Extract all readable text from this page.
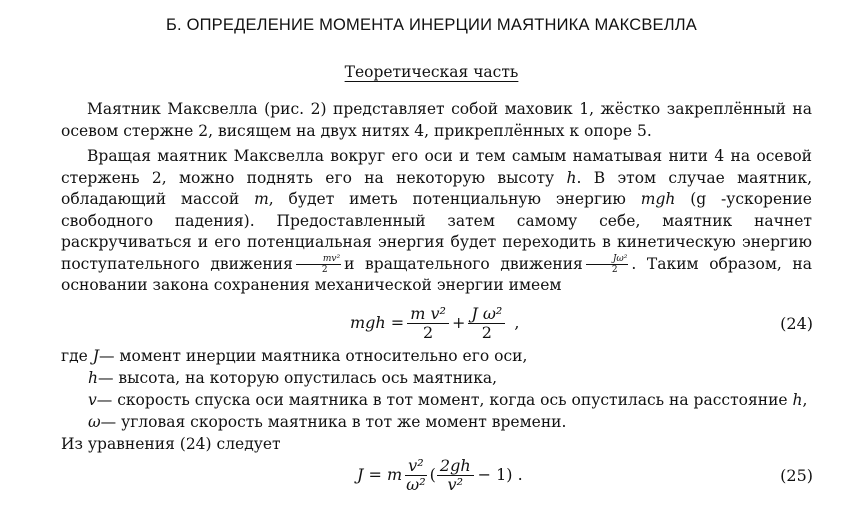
Б. ОПРЕДЕЛЕНИЕ МОМЕНТА ИНЕРЦИИ МАЯТНИКА МАКСВЕЛЛА
Теоретическая часть

Маятник Максвелла (рис. 2) представляет собой маховик 1, жёстко закреплённый на осевом стержне 2, висящем на двух нитях 4, прикреплённых к опоре 5.

Вращая маятник Максвелла вокруг его оси и тем самым наматывая нити 4 на осевой стержень 2, можно поднять его на некоторую высоту h. В этом случае маятник, обладающий массой m, будет иметь потенциальную энергию mgh (g -ускорение свободного падения). Предоставленный затем самому себе, маятник начнет раскручиваться и его потенциальная энергия будет переходить в кинетическую энергию поступательного движения $\frac{\text{mv²}}{2}$ и вращательного движения $\frac{\text{Jω²}}{2}$ . Таким образом, на основании закона сохранения механической энергии имеем

mgh = $\frac{\text{m v²}}{2} + \frac{\text{J ω²}}{2}$ ,	(24)

где J— момент инерции маятника относительно его оси,

h— высота, на которую опустилась ось маятника,

v— скорость спуска оси маятника в тот момент, когда ось опустилась на расстояние h,

ω— угловая скорость маятника в тот же момент времени.

Из уравнения (24) следует

J = m $\frac{\text{v²}}{\text{ω²}}$ ( $\frac{2gh}{\text{v²}} - 1$) .	(25)
